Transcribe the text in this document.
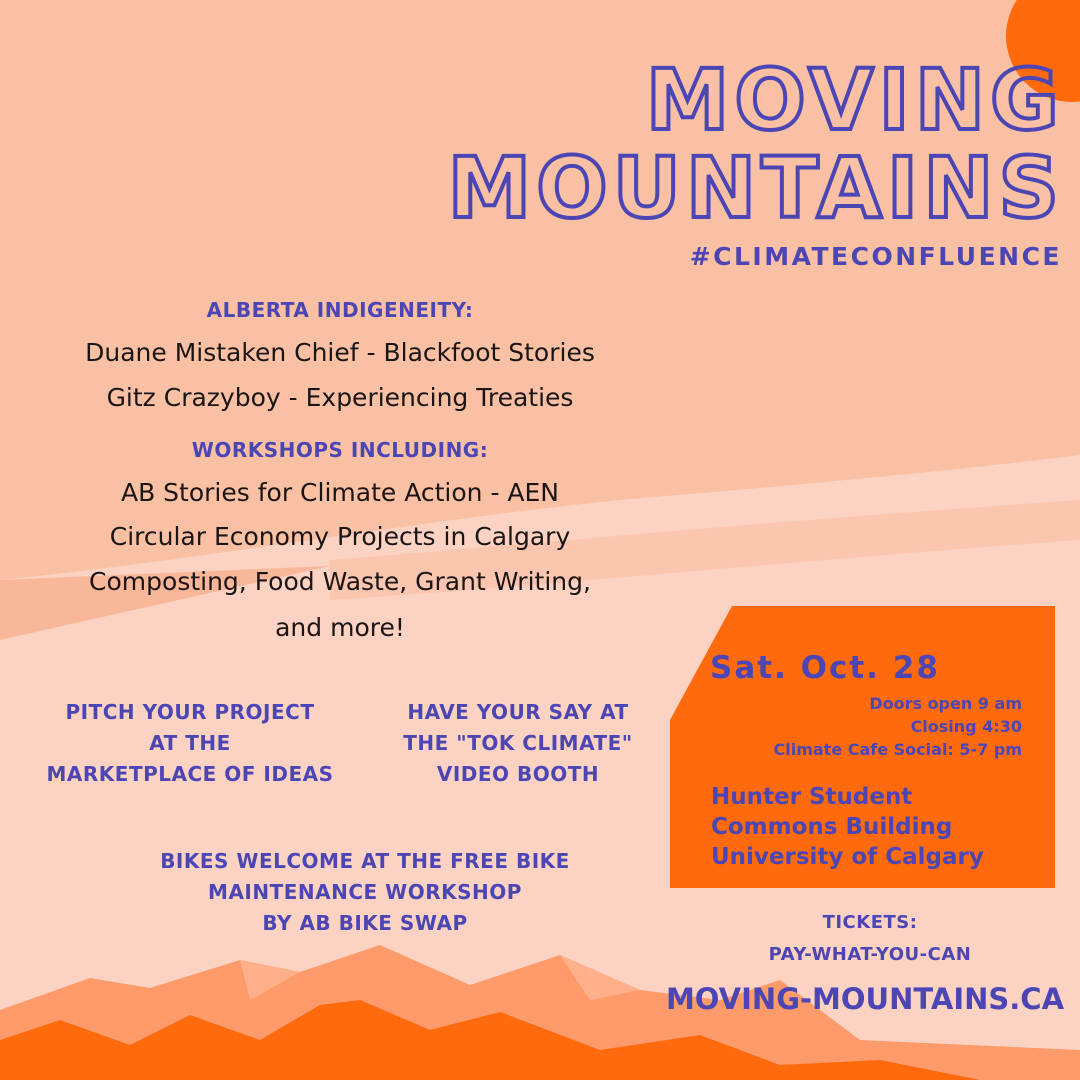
MOVING
MOUNTAINS
#CLIMATECONFLUENCE
ALBERTA INDIGENEITY:
Duane Mistaken Chief - Blackfoot Stories
Gitz Crazyboy - Experiencing Treaties
WORKSHOPS INCLUDING:
AB Stories for Climate Action - AEN
Circular Economy Projects in Calgary
Composting, Food Waste, Grant Writing,
and more!
PITCH YOUR PROJECT
AT THE
MARKETPLACE OF IDEAS
HAVE YOUR SAY AT
THE "TOK CLIMATE"
VIDEO BOOTH
BIKES WELCOME AT THE FREE BIKE
MAINTENANCE WORKSHOP
BY AB BIKE SWAP
Sat. Oct. 28
Doors open 9 am
Closing 4:30
Climate Cafe Social: 5-7 pm
Hunter Student
Commons Building
University of Calgary
TICKETS:
PAY-WHAT-YOU-CAN
MOVING-MOUNTAINS.CA
